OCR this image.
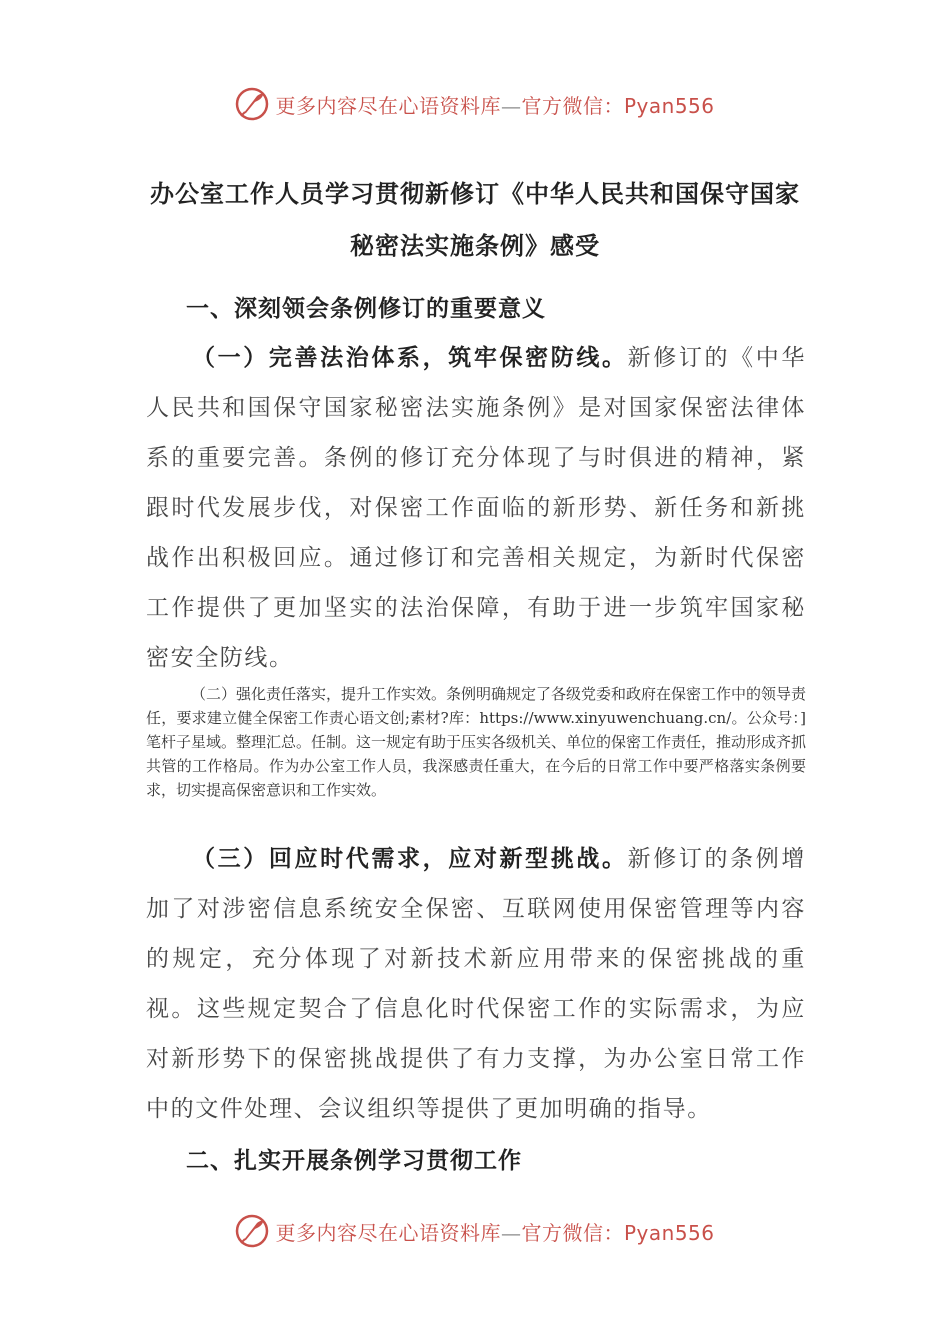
更多内容尽在心语资料库—官方微信：Pyan556
办公室工作人员学习贯彻新修订《中华人民共和国保守国家秘密法实施条例》感受
一、深刻领会条例修订的重要意义
（一）完善法治体系，筑牢保密防线。新修订的《中华人民共和国保守国家秘密法实施条例》是对国家保密法律体系的重要完善。条例的修订充分体现了与时俱进的精神，紧跟时代发展步伐，对保密工作面临的新形势、新任务和新挑战作出积极回应。通过修订和完善相关规定，为新时代保密工作提供了更加坚实的法治保障，有助于进一步筑牢国家秘密安全防线。
（二）强化责任落实，提升工作实效。条例明确规定了各级党委和政府在保密工作中的领导责任，要求建立健全保密工作责心语文创;素材?库：https://www.xinyuwenchuang.cn/。公众号：]笔杆子星域。整理汇总。任制。这一规定有助于压实各级机关、单位的保密工作责任，推动形成齐抓共管的工作格局。作为办公室工作人员，我深感责任重大，在今后的日常工作中要严格落实条例要求，切实提高保密意识和工作实效。
（三）回应时代需求，应对新型挑战。新修订的条例增加了对涉密信息系统安全保密、互联网使用保密管理等内容的规定，充分体现了对新技术新应用带来的保密挑战的重视。这些规定契合了信息化时代保密工作的实际需求，为应对新形势下的保密挑战提供了有力支撑，为办公室日常工作中的文件处理、会议组织等提供了更加明确的指导。
二、扎实开展条例学习贯彻工作
更多内容尽在心语资料库—官方微信：Pyan556
